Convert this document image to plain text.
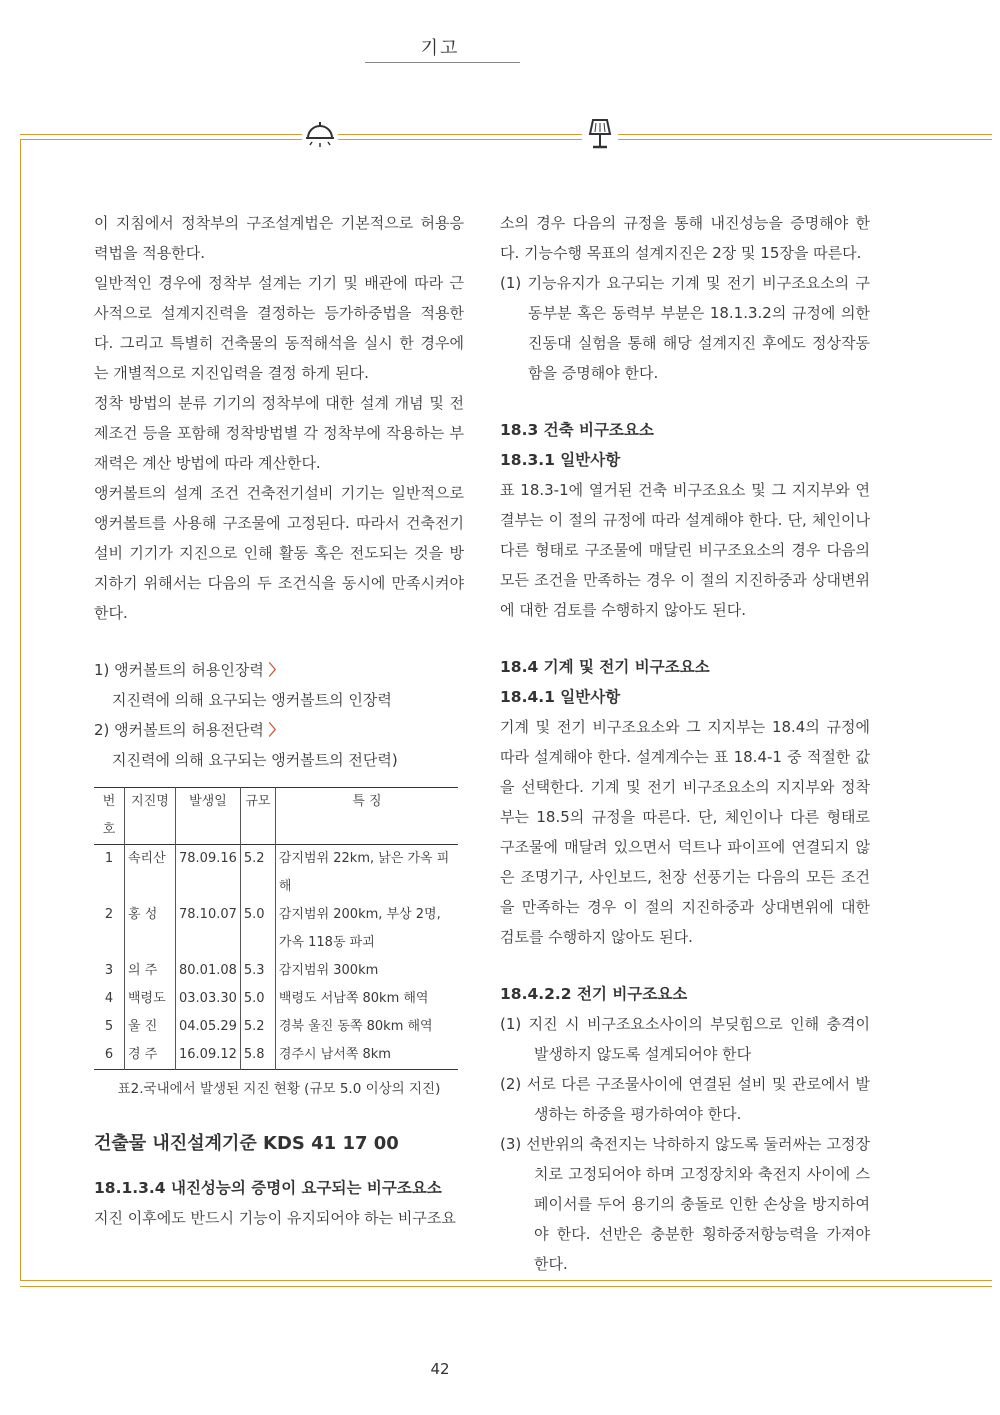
기고

이 지침에서 정착부의 구조설계법은 기본적으로 허용응력법을 적용한다.

일반적인 경우에 정착부 설계는 기기 및 배관에 따라 근사적으로 설계지진력을 결정하는 등가하중법을 적용한다. 그리고 특별히 건축물의 동적해석을 실시 한 경우에는 개별적으로 지진입력을 결정 하게 된다.

정착 방법의 분류 기기의 정착부에 대한 설계 개념 및 전제조건 등을 포함해 정착방법별 각 정착부에 작용하는 부재력은 계산 방법에 따라 계산한다.

앵커볼트의 설계 조건 건축전기설비 기기는 일반적으로 앵커볼트를 사용해 구조물에 고정된다. 따라서 건축전기설비 기기가 지진으로 인해 활동 혹은 전도되는 것을 방지하기 위해서는 다음의 두 조건식을 동시에 만족시켜야 한다.

1) 앵커볼트의 허용인장력 〉

지진력에 의해 요구되는 앵커볼트의 인장력

2) 앵커볼트의 허용전단력 〉

지진력에 의해 요구되는 앵커볼트의 전단력)

번호	지진명	발생일	규모	특 징
1	속리산	78.09.16	5.2	감지범위 22km, 낡은 가옥 피해
2	홍 성	78.10.07	5.0	감지범위 200km, 부상 2명, 가옥 118동 파괴
3	의 주	80.01.08	5.3	감지범위 300km
4	백령도	03.03.30	5.0	백령도 서남쪽 80km 해역
5	울 진	04.05.29	5.2	경북 울진 동쪽 80km 해역
6	경 주	16.09.12	5.8	경주시 남서쪽 8km
표2.국내에서 발생된 지진 현황 (규모 5.0 이상의 지진)

건출물 내진설계기준 KDS 41 17 00

18.1.3.4 내진성능의 증명이 요구되는 비구조요소

지진 이후에도 반드시 기능이 유지되어야 하는 비구조요

소의 경우 다음의 규정을 통해 내진성능을 증명해야 한다. 기능수행 목표의 설계지진은 2장 및 15장을 따른다.

(1) 기능유지가 요구되는 기계 및 전기 비구조요소의 구동부분 혹은 동력부 부분은 18.1.3.2의 규정에 의한 진동대 실험을 통해 해당 설계지진 후에도 정상작동함을 증명해야 한다.

18.3 건축 비구조요소

18.3.1 일반사항

표 18.3-1에 열거된 건축 비구조요소 및 그 지지부와 연결부는 이 절의 규정에 따라 설계해야 한다. 단, 체인이나 다른 형태로 구조물에 매달린 비구조요소의 경우 다음의 모든 조건을 만족하는 경우 이 절의 지진하중과 상대변위에 대한 검토를 수행하지 않아도 된다.

18.4 기계 및 전기 비구조요소

18.4.1 일반사항

기계 및 전기 비구조요소와 그 지지부는 18.4의 규정에 따라 설계해야 한다. 설계계수는 표 18.4-1 중 적절한 값을 선택한다. 기계 및 전기 비구조요소의 지지부와 정착부는 18.5의 규정을 따른다. 단, 체인이나 다른 형태로 구조물에 매달려 있으면서 덕트나 파이프에 연결되지 않은 조명기구, 사인보드, 천장 선풍기는 다음의 모든 조건을 만족하는 경우 이 절의 지진하중과 상대변위에 대한 검토를 수행하지 않아도 된다.

18.4.2.2 전기 비구조요소

(1) 지진 시 비구조요소사이의 부딪힘으로 인해 충격이 발생하지 않도록 설계되어야 한다

(2) 서로 다른 구조물사이에 연결된 설비 및 관로에서 발생하는 하중을 평가하여야 한다.

(3) 선반위의 축전지는 낙하하지 않도록 둘러싸는 고정장치로 고정되어야 하며 고정장치와 축전지 사이에 스페이서를 두어 용기의 충돌로 인한 손상을 방지하여야 한다. 선반은 충분한 횡하중저항능력을 가져야 한다.

42
